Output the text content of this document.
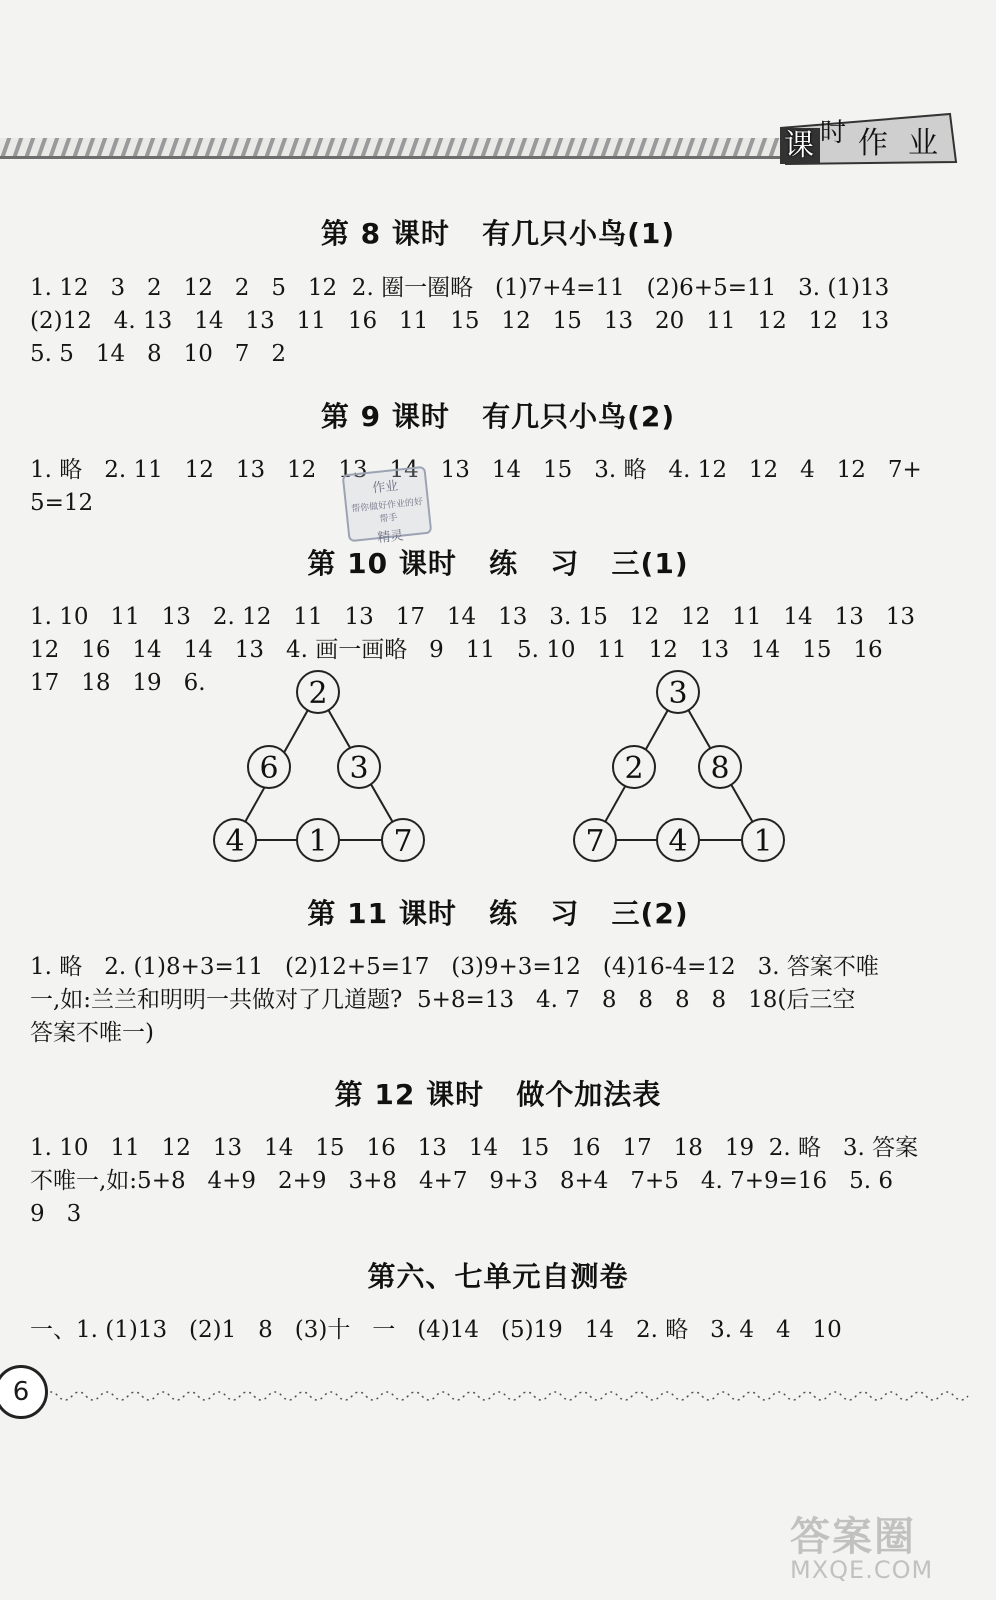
课 时 作 业
第 8 课时   有几只小鸟(1)
1. 12   3   2   12   2   5   12  2. 圈一圈略   (1)7+4=11   (2)6+5=11   3. (1)13
(2)12   4. 13   14   13   11   16   11   15   12   15   13   20   11   12   12   13
5. 5   14   8   10   7   2
第 9 课时   有几只小鸟(2)
1. 略   2. 11   12   13   12   13   14   13   14   15   3. 略   4. 12   12   4   12   7+
5=12
作业
帮你做好作业的好帮手
精灵
第 10 课时   练   习   三(1)
1. 10   11   13   2. 12   11   13   17   14   13   3. 15   12   12   11   14   13   13
12   16   14   14   13   4. 画一画略   9   11   5. 10   11   12   13   14   15   16
17   18   19   6.	2
6 3
4 1 7
3
2 8
7 4 1
第 11 课时   练   习   三(2)
1. 略   2. (1)8+3=11   (2)12+5=17   (3)9+3=12   (4)16-4=12   3. 答案不唯
一,如:兰兰和明明一共做对了几道题?  5+8=13   4. 7   8   8   8   8   18(后三空
答案不唯一)
第 12 课时   做个加法表
1. 10   11   12   13   14   15   16   13   14   15   16   17   18   19  2. 略   3. 答案
不唯一,如:5+8   4+9   2+9   3+8   4+7   9+3   8+4   7+5   4. 7+9=16   5. 6
9   3
第六、七单元自测卷
一、1. (1)13   (2)1   8   (3)十   一   (4)14   (5)19   14   2. 略   3. 4   4   10
6
答案圈
MXQE.COM
